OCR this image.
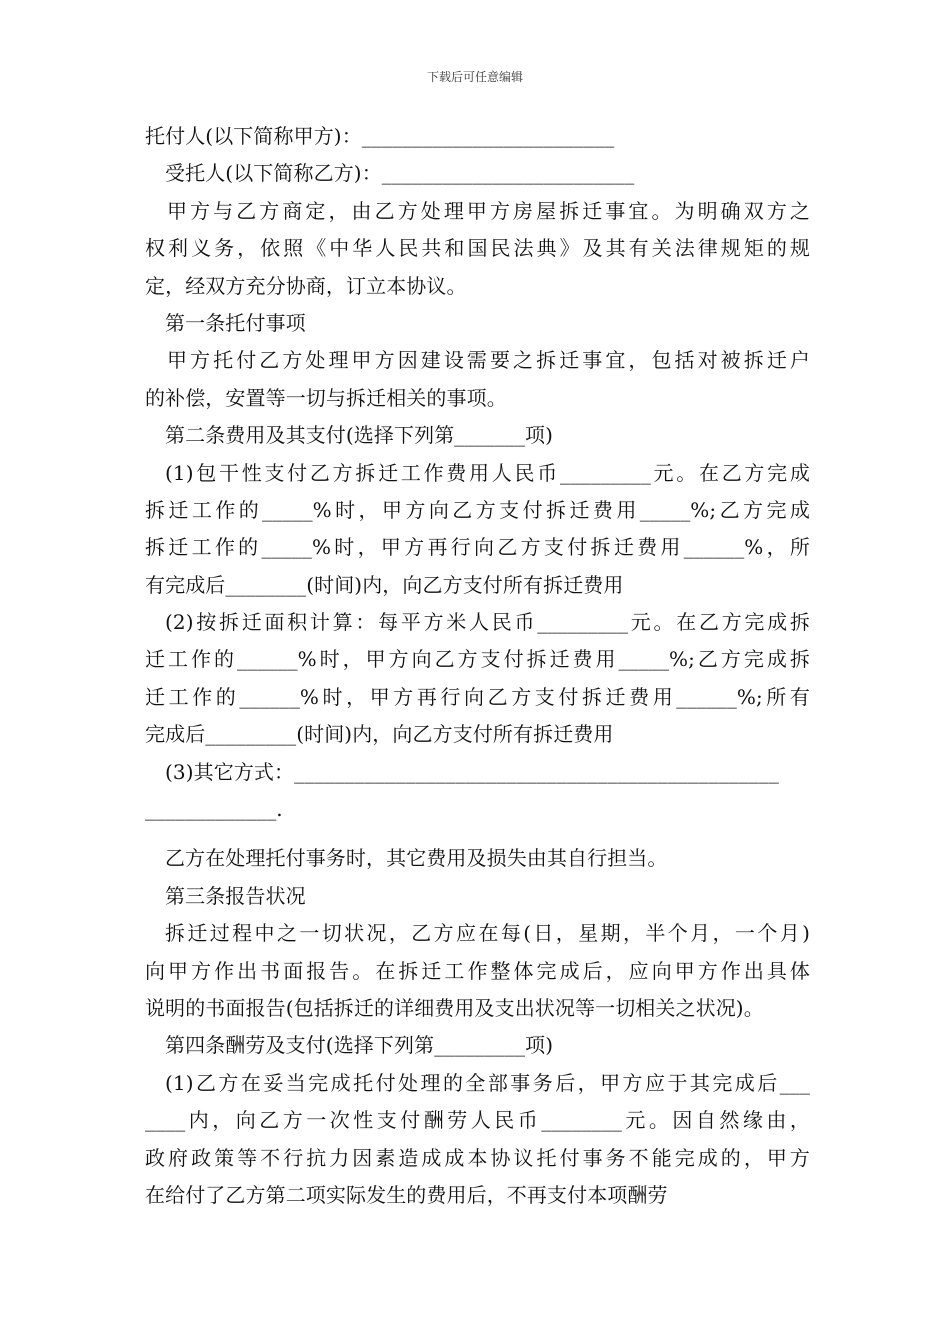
下载后可任意编辑
托付人(以下简称甲方)：_________________________
受托人(以下简称乙方)：_________________________
甲方与乙方商定，由乙方处理甲方房屋拆迁事宜。为明确双方之
权利义务，依照《中华人民共和国民法典》及其有关法律规矩的规
定，经双方充分协商，订立本协议。
第一条托付事项
甲方托付乙方处理甲方因建设需要之拆迁事宜，包括对被拆迁户
的补偿，安置等一切与拆迁相关的事项。
第二条费用及其支付(选择下列第_______项)
(1)包干性支付乙方拆迁工作费用人民币_________元。在乙方完成
拆迁工作的_____%时，甲方向乙方支付拆迁费用_____%;乙方完成
拆迁工作的_____%时，甲方再行向乙方支付拆迁费用______%，所
有完成后________(时间)内，向乙方支付所有拆迁费用
(2)按拆迁面积计算：每平方米人民币_________元。在乙方完成拆
迁工作的______%时，甲方向乙方支付拆迁费用_____%;乙方完成拆
迁工作的______%时，甲方再行向乙方支付拆迁费用______%;所有
完成后_________(时间)内，向乙方支付所有拆迁费用
(3)其它方式：________________________________________________
_____________.
乙方在处理托付事务时，其它费用及损失由其自行担当。
第三条报告状况
拆迁过程中之一切状况，乙方应在每(日，星期，半个月，一个月)
向甲方作出书面报告。在拆迁工作整体完成后，应向甲方作出具体
说明的书面报告(包括拆迁的详细费用及支出状况等一切相关之状况)。
第四条酬劳及支付(选择下列第_________项)
(1)乙方在妥当完成托付处理的全部事务后，甲方应于其完成后___
____内，向乙方一次性支付酬劳人民币________元。因自然缘由，
政府政策等不行抗力因素造成成本协议托付事务不能完成的，甲方
在给付了乙方第二项实际发生的费用后，不再支付本项酬劳
